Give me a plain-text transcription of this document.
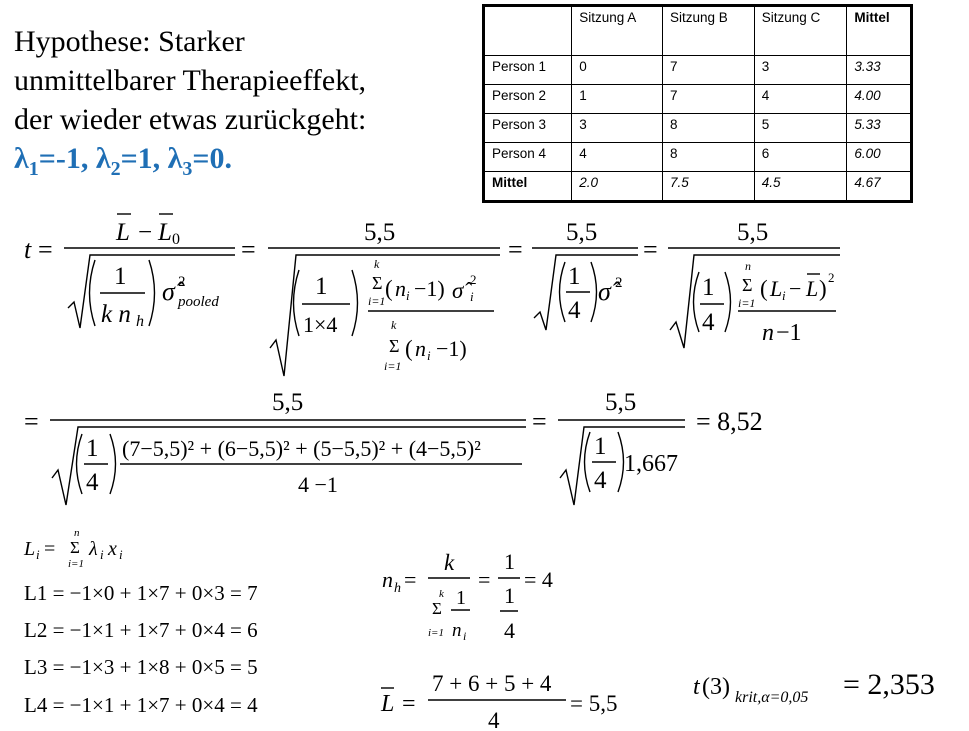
Hypothese: Starker
unmittelbarer Therapieeffekt,
der wieder etwas zurückgeht:
$\lambda_1=-1$, $\lambda_2=1$, $\lambda_3=0$.
	Sitzung A	Sitzung B	Sitzung C	Mittel
Person 1	0	7	3	3.33
Person 2	1	7	4	4.00
Person 3	3	8	5	5.33
Person 4	4	8	6	6.00
Mittel	2.0	7.5	4.5	4.67
t =
L − L 0
1
k n h
σ̂ 2
pooled
=
5,5
1
1×4
k
Σ
i=1 ( n i −1) σ̂ 2
i
k
Σ
i=1
( n i −1)
=
5,5
1
4
σ̂ 2
=
5,5
1
4
n
Σ
i=1
( L i − L ) 2
n −1
=
5,5
1
4
(7−5,5)² + (6−5,5)² + (5−5,5)² + (4−5,5)²
4 −1
=
5,5
1
4
1,667
= 8,52
L i =
n
Σ
i=1
λ i x i
L1 = −1×0 + 1×7 + 0×3 = 7
L2 = −1×1 + 1×7 + 0×4 = 6
L3 = −1×3 + 1×8 + 0×5 = 5
L4 = −1×1 + 1×7 + 0×4 = 4
n h =
k
k
Σ
i=1
1
n i
=
1
1
4
= 4
L =
7 + 6 + 5 + 4
4
= 5,5
t (3) krit,α=0,05 = 2,353
